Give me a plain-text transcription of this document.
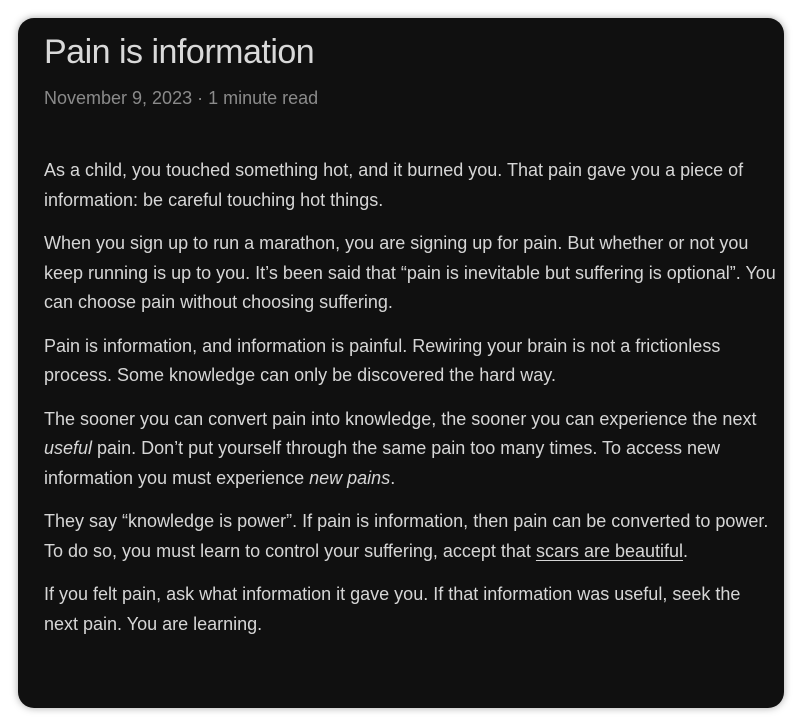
Pain is information
November 9, 2023 · 1 minute read

As a child, you touched something hot, and it burned you. That pain gave you a piece of information: be careful touching hot things.

When you sign up to run a marathon, you are signing up for pain. But whether or not you keep running is up to you. It’s been said that “pain is inevitable but suffering is optional”. You can choose pain without choosing suffering.

Pain is information, and information is painful. Rewiring your brain is not a frictionless process. Some knowledge can only be discovered the hard way.

The sooner you can convert pain into knowledge, the sooner you can experience the next useful pain. Don’t put yourself through the same pain too many times. To access new information you must experience new pains.

They say “knowledge is power”. If pain is information, then pain can be converted to power. To do so, you must learn to control your suffering, accept that scars are beautiful.

If you felt pain, ask what information it gave you. If that information was useful, seek the next pain. You are learning.
